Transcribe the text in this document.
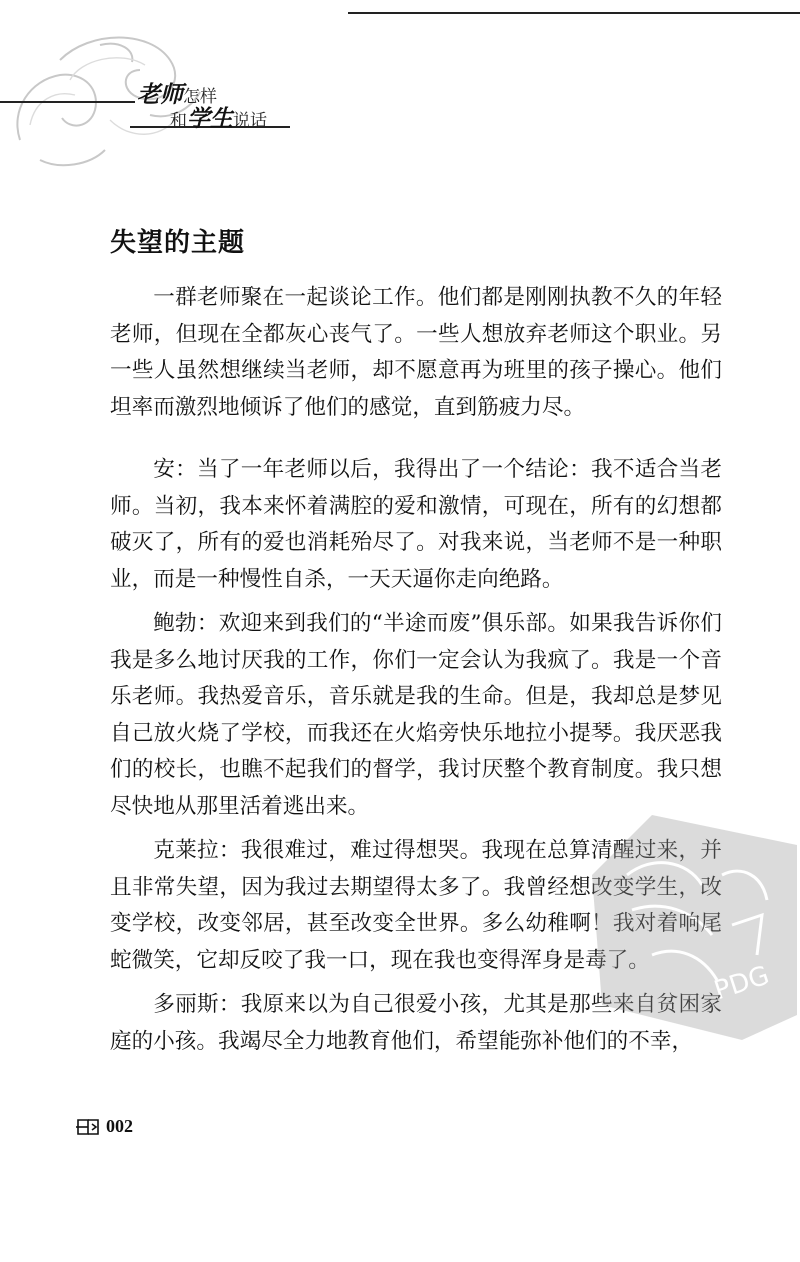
老师怎样
和学生说话
失望的主题

一群老师聚在一起谈论工作。他们都是刚刚执教不久的年轻老师，但现在全都灰心丧气了。一些人想放弃老师这个职业。另一些人虽然想继续当老师，却不愿意再为班里的孩子操心。他们坦率而激烈地倾诉了他们的感觉，直到筋疲力尽。

安：当了一年老师以后，我得出了一个结论：我不适合当老师。当初，我本来怀着满腔的爱和激情，可现在，所有的幻想都破灭了，所有的爱也消耗殆尽了。对我来说，当老师不是一种职业，而是一种慢性自杀，一天天逼你走向绝路。

鲍勃：欢迎来到我们的“半途而废”俱乐部。如果我告诉你们我是多么地讨厌我的工作，你们一定会认为我疯了。我是一个音乐老师。我热爱音乐，音乐就是我的生命。但是，我却总是梦见自己放火烧了学校，而我还在火焰旁快乐地拉小提琴。我厌恶我们的校长，也瞧不起我们的督学，我讨厌整个教育制度。我只想尽快地从那里活着逃出来。

克莱拉：我很难过，难过得想哭。我现在总算清醒过来，并且非常失望，因为我过去期望得太多了。我曾经想改变学生，改变学校，改变邻居，甚至改变全世界。多么幼稚啊！我对着响尾蛇微笑，它却反咬了我一口，现在我也变得浑身是毒了。

多丽斯：我原来以为自己很爱小孩，尤其是那些来自贫困家庭的小孩。我竭尽全力地教育他们，希望能弥补他们的不幸，

PDG
002
